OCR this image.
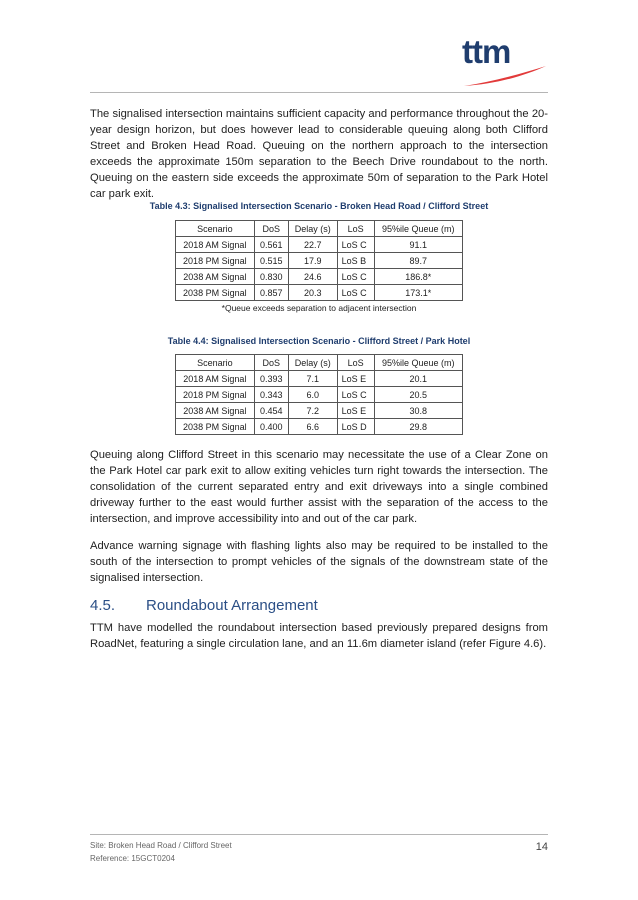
ttm
The signalised intersection maintains sufficient capacity and performance throughout the 20-year design horizon, but does however lead to considerable queuing along both Clifford Street and Broken Head Road. Queuing on the northern approach to the intersection exceeds the approximate 150m separation to the Beech Drive roundabout to the north. Queuing on the eastern side exceeds the approximate 50m of separation to the Park Hotel car park exit.
Table 4.3: Signalised Intersection Scenario - Broken Head Road / Clifford Street
Scenario	DoS	Delay (s)	LoS	95%ile Queue (m)
2018 AM Signal	0.561	22.7	LoS C	91.1
2018 PM Signal	0.515	17.9	LoS B	89.7
2038 AM Signal	0.830	24.6	LoS C	186.8*
2038 PM Signal	0.857	20.3	LoS C	173.1*
*Queue exceeds separation to adjacent intersection
Table 4.4: Signalised Intersection Scenario - Clifford Street / Park Hotel
Scenario	DoS	Delay (s)	LoS	95%ile Queue (m)
2018 AM Signal	0.393	7.1	LoS E	20.1
2018 PM Signal	0.343	6.0	LoS C	20.5
2038 AM Signal	0.454	7.2	LoS E	30.8
2038 PM Signal	0.400	6.6	LoS D	29.8
Queuing along Clifford Street in this scenario may necessitate the use of a Clear Zone on the Park Hotel car park exit to allow exiting vehicles turn right towards the intersection. The consolidation of the current separated entry and exit driveways into a single combined driveway further to the east would further assist with the separation of the access to the intersection, and improve accessibility into and out of the car park.
Advance warning signage with flashing lights also may be required to be installed to the south of the intersection to prompt vehicles of the signals of the downstream state of the signalised intersection.
4.5. Roundabout Arrangement
TTM have modelled the roundabout intersection based previously prepared designs from RoadNet, featuring a single circulation lane, and an 11.6m diameter island (refer Figure 4.6).
Site: Broken Head Road / Clifford Street
Reference: 15GCT0204
14
